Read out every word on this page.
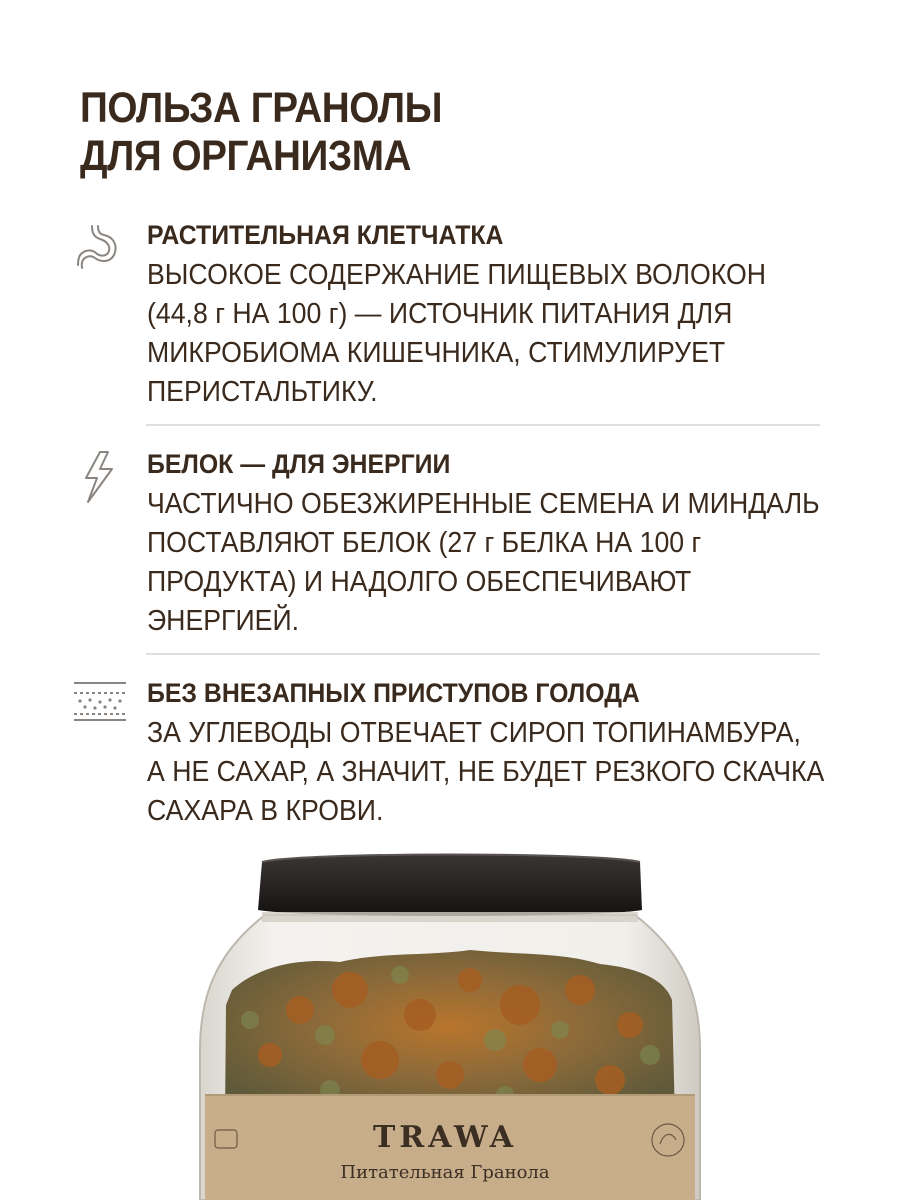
ПОЛЬЗА ГРАНОЛЫ
ДЛЯ ОРГАНИЗМА
РАСТИТЕЛЬНАЯ КЛЕТЧАТКА
ВЫСОКОЕ СОДЕРЖАНИЕ ПИЩЕВЫХ ВОЛОКОН
(44,8 г НА 100 г) — ИСТОЧНИК ПИТАНИЯ ДЛЯ
МИКРОБИОМА КИШЕЧНИКА, СТИМУЛИРУЕТ
ПЕРИСТАЛЬТИКУ.
БЕЛОК — ДЛЯ ЭНЕРГИИ
ЧАСТИЧНО ОБЕЗЖИРЕННЫЕ СЕМЕНА И МИНДАЛЬ
ПОСТАВЛЯЮТ БЕЛОК (27 г БЕЛКА НА 100 г
ПРОДУКТА) И НАДОЛГО ОБЕСПЕЧИВАЮТ
ЭНЕРГИЕЙ.
БЕЗ ВНЕЗАПНЫХ ПРИСТУПОВ ГОЛОДА
ЗА УГЛЕВОДЫ ОТВЕЧАЕТ СИРОП ТОПИНАМБУРА,
А НЕ САХАР, А ЗНАЧИТ, НЕ БУДЕТ РЕЗКОГО СКАЧКА
САХАРА В КРОВИ.
TRAWA
Питательная Гранола
